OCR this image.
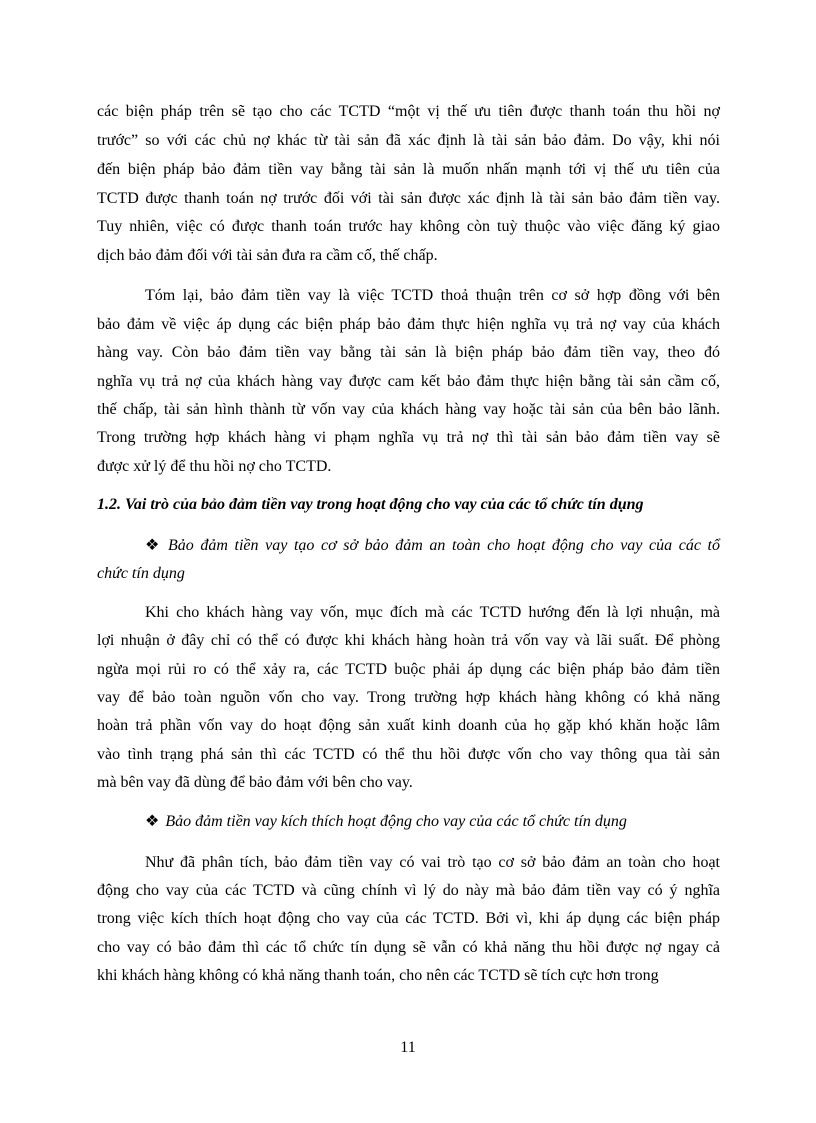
các biện pháp trên sẽ tạo cho các TCTD “một vị thế ưu tiên được thanh toán thu hồi nợ
trước” so với các chủ nợ khác từ tài sản đã xác định là tài sản bảo đảm. Do vậy, khi nói
đến biện pháp bảo đảm tiền vay bằng tài sản là muốn nhấn mạnh tới vị thế ưu tiên của
TCTD được thanh toán nợ trước đối với tài sản được xác định là tài sản bảo đảm tiền vay.
Tuy nhiên, việc có được thanh toán trước hay không còn tuỳ thuộc vào việc đăng ký giao
dịch bảo đảm đối với tài sản đưa ra cầm cố, thế chấp.
Tóm lại, bảo đảm tiền vay là việc TCTD thoả thuận trên cơ sở hợp đồng với bên
bảo đảm về việc áp dụng các biện pháp bảo đảm thực hiện nghĩa vụ trả nợ vay của khách
hàng vay. Còn bảo đảm tiền vay bằng tài sản là biện pháp bảo đảm tiền vay, theo đó
nghĩa vụ trả nợ của khách hàng vay được cam kết bảo đảm thực hiện bằng tài sản cầm cố,
thế chấp, tài sản hình thành từ vốn vay của khách hàng vay hoặc tài sản của bên bảo lãnh.
Trong trường hợp khách hàng vi phạm nghĩa vụ trả nợ thì tài sản bảo đảm tiền vay sẽ
được xử lý để thu hồi nợ cho TCTD.
1.2. Vai trò của bảo đảm tiền vay trong hoạt động cho vay của các tổ chức tín dụng
❖ Bảo đảm tiền vay tạo cơ sở bảo đảm an toàn cho hoạt động cho vay của các tổ
chức tín dụng
Khi cho khách hàng vay vốn, mục đích mà các TCTD hướng đến là lợi nhuận, mà
lợi nhuận ở đây chỉ có thể có được khi khách hàng hoàn trả vốn vay và lãi suất. Để phòng
ngừa mọi rủi ro có thể xảy ra, các TCTD buộc phải áp dụng các biện pháp bảo đảm tiền
vay để bảo toàn nguồn vốn cho vay. Trong trường hợp khách hàng không có khả năng
hoàn trả phần vốn vay do hoạt động sản xuất kinh doanh của họ gặp khó khăn hoặc lâm
vào tình trạng phá sản thì các TCTD có thể thu hồi được vốn cho vay thông qua tài sản
mà bên vay đã dùng để bảo đảm với bên cho vay.
❖ Bảo đảm tiền vay kích thích hoạt động cho vay của các tổ chức tín dụng
Như đã phân tích, bảo đảm tiền vay có vai trò tạo cơ sở bảo đảm an toàn cho hoạt
động cho vay của các TCTD và cũng chính vì lý do này mà bảo đảm tiền vay có ý nghĩa
trong việc kích thích hoạt động cho vay của các TCTD. Bởi vì, khi áp dụng các biện pháp
cho vay có bảo đảm thì các tổ chức tín dụng sẽ vẫn có khả năng thu hồi được nợ ngay cả
khi khách hàng không có khả năng thanh toán, cho nên các TCTD sẽ tích cực hơn trong
11
